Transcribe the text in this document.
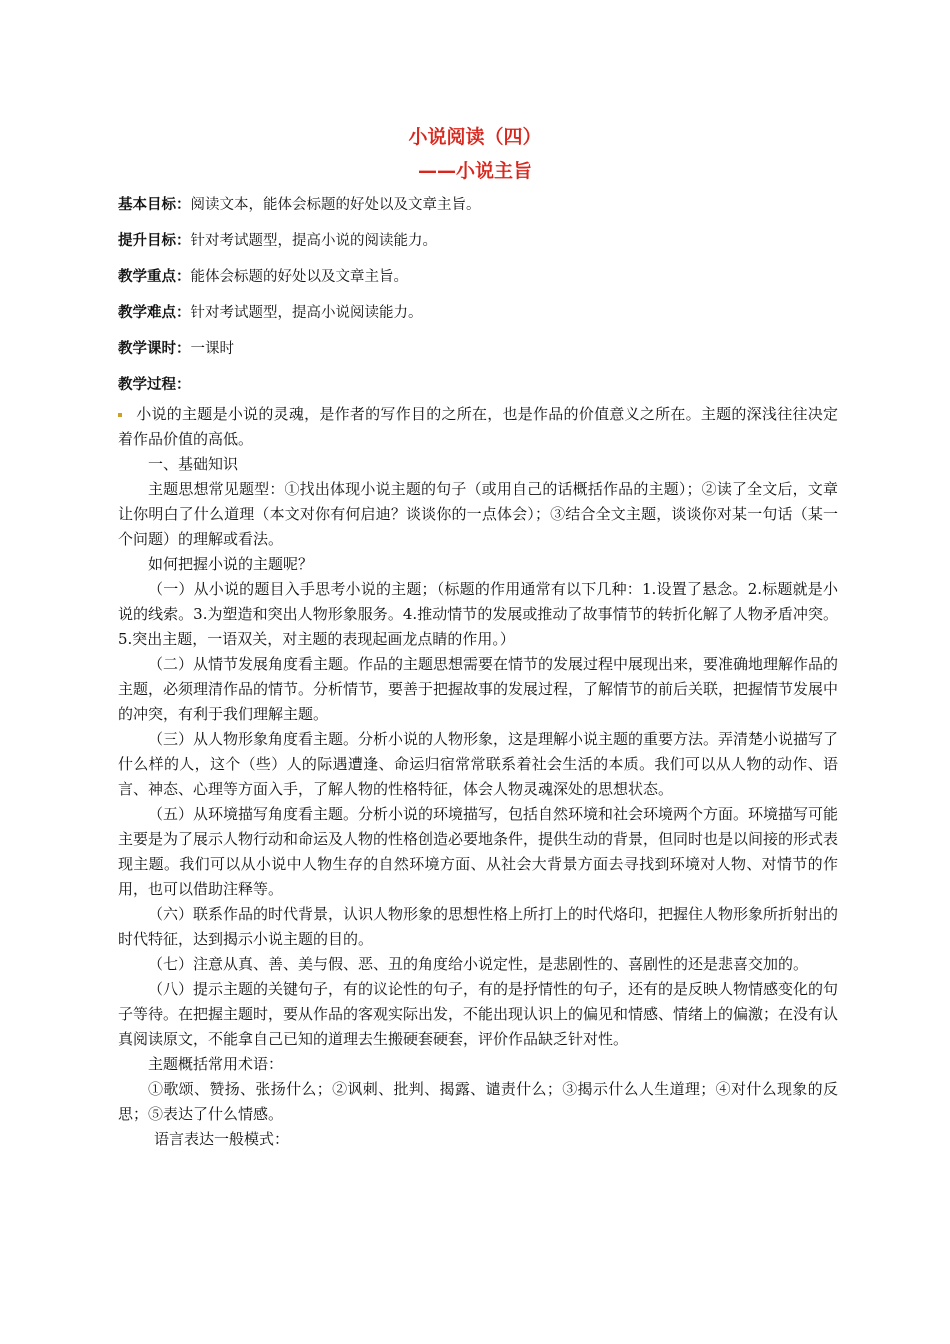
小说阅读（四）
——小说主旨
基本目标：阅读文本，能体会标题的好处以及文章主旨。
提升目标：针对考试题型，提高小说的阅读能力。
教学重点：能体会标题的好处以及文章主旨。
教学难点：针对考试题型，提高小说阅读能力。
教学课时：一课时
教学过程：

小说的主题是小说的灵魂，是作者的写作目的之所在，也是作品的价值意义之所在。主题的深浅往往决定着作品价值的高低。

一、基础知识

主题思想常见题型：①找出体现小说主题的句子（或用自己的话概括作品的主题）；②读了全文后，文章让你明白了什么道理（本文对你有何启迪？谈谈你的一点体会）；③结合全文主题，谈谈你对某一句话（某一个问题）的理解或看法。

如何把握小说的主题呢？

（一）从小说的题目入手思考小说的主题；（标题的作用通常有以下几种：1.设置了悬念。2.标题就是小说的线索。3.为塑造和突出人物形象服务。4.推动情节的发展或推动了故事情节的转折化解了人物矛盾冲突。5.突出主题，一语双关，对主题的表现起画龙点睛的作用。）

（二）从情节发展角度看主题。作品的主题思想需要在情节的发展过程中展现出来，要准确地理解作品的主题，必须理清作品的情节。分析情节，要善于把握故事的发展过程，了解情节的前后关联，把握情节发展中的冲突，有利于我们理解主题。

（三）从人物形象角度看主题。分析小说的人物形象，这是理解小说主题的重要方法。弄清楚小说描写了什么样的人，这个（些）人的际遇遭逢、命运归宿常常联系着社会生活的本质。我们可以从人物的动作、语言、神态、心理等方面入手，了解人物的性格特征，体会人物灵魂深处的思想状态。

（五）从环境描写角度看主题。分析小说的环境描写，包括自然环境和社会环境两个方面。环境描写可能主要是为了展示人物行动和命运及人物的性格创造必要地条件，提供生动的背景，但同时也是以间接的形式表现主题。我们可以从小说中人物生存的自然环境方面、从社会大背景方面去寻找到环境对人物、对情节的作用，也可以借助注释等。

（六）联系作品的时代背景，认识人物形象的思想性格上所打上的时代烙印，把握住人物形象所折射出的时代特征，达到揭示小说主题的目的。

（七）注意从真、善、美与假、恶、丑的角度给小说定性，是悲剧性的、喜剧性的还是悲喜交加的。

（八）提示主题的关键句子，有的议论性的句子，有的是抒情性的句子，还有的是反映人物情感变化的句子等待。在把握主题时，要从作品的客观实际出发，不能出现认识上的偏见和情感、情绪上的偏激；在没有认真阅读原文，不能拿自己已知的道理去生搬硬套硬套，评价作品缺乏针对性。

主题概括常用术语：

①歌颂、赞扬、张扬什么；②讽刺、批判、揭露、谴责什么；③揭示什么人生道理；④对什么现象的反思；⑤表达了什么情感。

语言表达一般模式：
